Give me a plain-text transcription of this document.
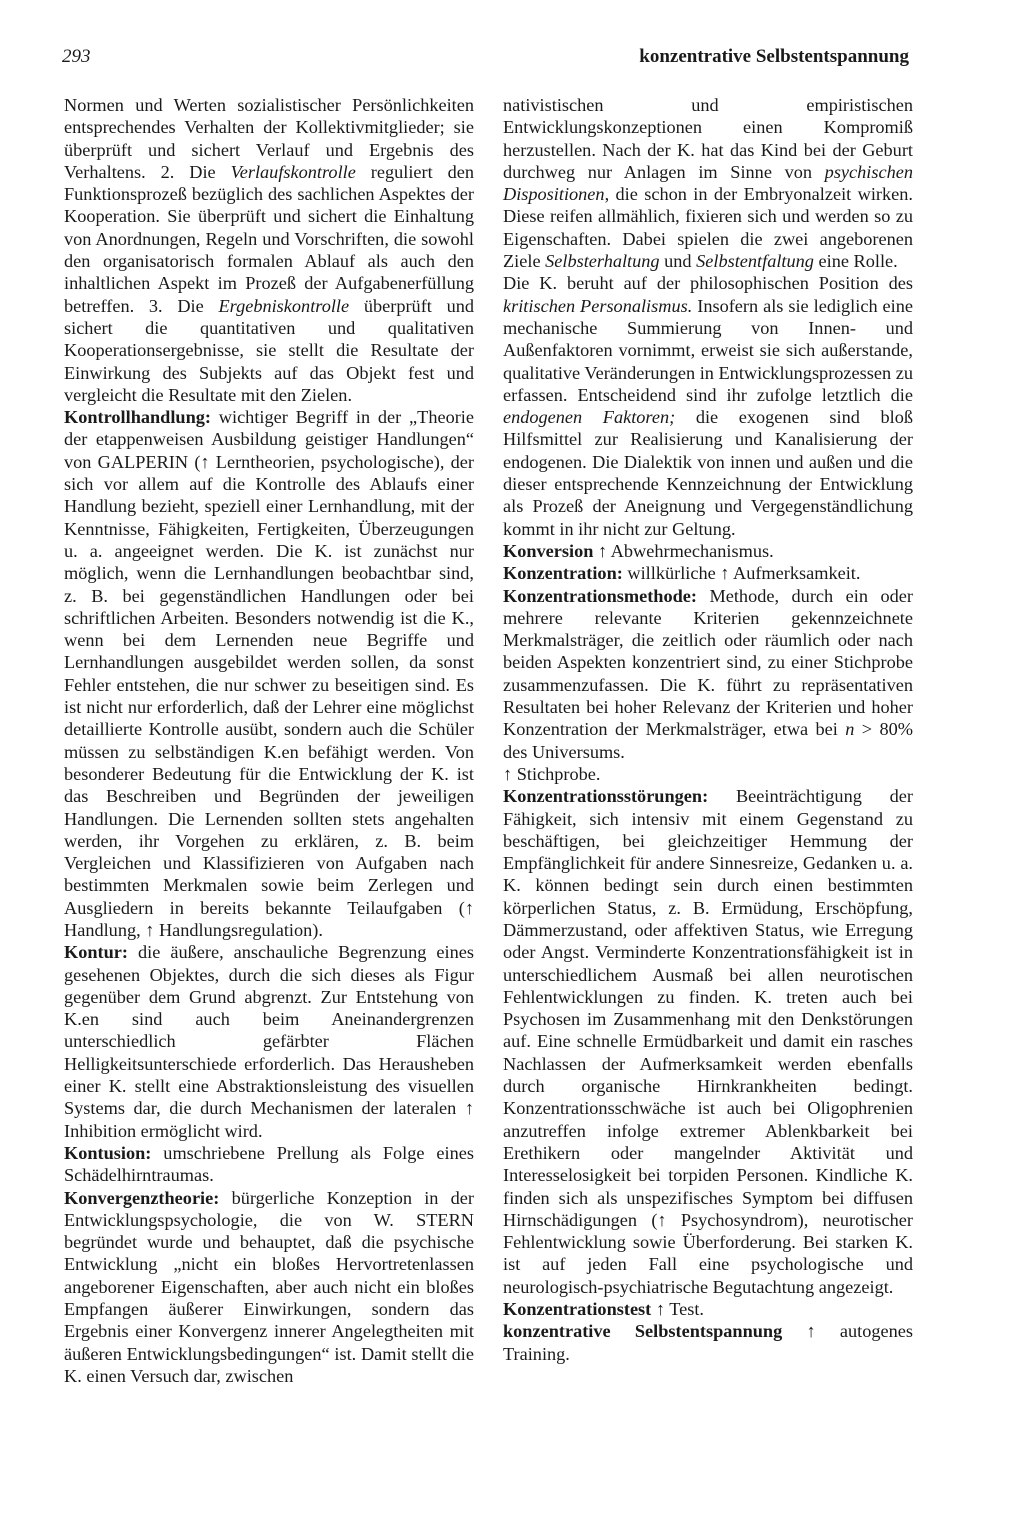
293	konzentrative Selbstentspannung

Normen und Werten sozialistischer Persönlichkeiten entsprechendes Verhalten der Kollektivmitglieder; sie überprüft und sichert Verlauf und Ergebnis des Verhaltens. 2. Die Verlaufskontrolle reguliert den Funktionsprozeß bezüglich des sachlichen Aspektes der Kooperation. Sie überprüft und sichert die Einhaltung von Anordnungen, Regeln und Vorschriften, die sowohl den organisatorisch formalen Ablauf als auch den inhaltlichen Aspekt im Prozeß der Aufgabenerfüllung betreffen. 3. Die Ergebniskontrolle überprüft und sichert die quantitativen und qualitativen Kooperationsergebnisse, sie stellt die Resultate der Einwirkung des Subjekts auf das Objekt fest und vergleicht die Resultate mit den Zielen.

Kontrollhandlung: wichtiger Begriff in der „Theorie der etappenweisen Ausbildung geistiger Handlungen“ von GALPERIN (↑ Lerntheorien, psychologische), der sich vor allem auf die Kontrolle des Ablaufs einer Handlung bezieht, speziell einer Lernhandlung, mit der Kenntnisse, Fähigkeiten, Fertigkeiten, Überzeugungen u. a. angeeignet werden. Die K. ist zunächst nur möglich, wenn die Lernhandlungen beobachtbar sind, z. B. bei gegenständlichen Handlungen oder bei schriftlichen Arbeiten. Besonders notwendig ist die K., wenn bei dem Lernenden neue Begriffe und Lernhandlungen ausgebildet werden sollen, da sonst Fehler entstehen, die nur schwer zu beseitigen sind. Es ist nicht nur erforderlich, daß der Lehrer eine möglichst detaillierte Kontrolle ausübt, sondern auch die Schüler müssen zu selbständigen K.en befähigt werden. Von besonderer Bedeutung für die Entwicklung der K. ist das Beschreiben und Begründen der jeweiligen Handlungen. Die Lernenden sollten stets angehalten werden, ihr Vorgehen zu erklären, z. B. beim Vergleichen und Klassifizieren von Aufgaben nach bestimmten Merkmalen sowie beim Zerlegen und Ausgliedern in bereits bekannte Teilaufgaben (↑ Handlung, ↑ Handlungsregulation).

Kontur: die äußere, anschauliche Begrenzung eines gesehenen Objektes, durch die sich dieses als Figur gegenüber dem Grund abgrenzt. Zur Entstehung von K.en sind auch beim Aneinandergrenzen unterschiedlich gefärbter Flächen Helligkeitsunterschiede erforderlich. Das Herausheben einer K. stellt eine Abstraktionsleistung des visuellen Systems dar, die durch Mechanismen der lateralen ↑ Inhibition ermöglicht wird.

Kontusion: umschriebene Prellung als Folge eines Schädelhirntraumas.

Konvergenztheorie: bürgerliche Konzeption in der Entwicklungspsychologie, die von W. STERN begründet wurde und behauptet, daß die psychische Entwicklung „nicht ein bloßes Hervortretenlassen angeborener Eigenschaften, aber auch nicht ein bloßes Empfangen äußerer Einwirkungen, sondern das Ergebnis einer Konvergenz innerer Angelegtheiten mit äußeren Entwicklungsbedingungen“ ist. Damit stellt die K. einen Versuch dar, zwischen

nativistischen und empiristischen Entwicklungskonzeptionen einen Kompromiß herzustellen. Nach der K. hat das Kind bei der Geburt durchweg nur Anlagen im Sinne von psychischen Dispositionen, die schon in der Embryonalzeit wirken. Diese reifen allmählich, fixieren sich und werden so zu Eigenschaften. Dabei spielen die zwei angeborenen Ziele Selbsterhaltung und Selbstentfaltung eine Rolle.

Die K. beruht auf der philosophischen Position des kritischen Personalismus. Insofern als sie lediglich eine mechanische Summierung von Innen- und Außenfaktoren vornimmt, erweist sie sich außerstande, qualitative Veränderungen in Entwicklungsprozessen zu erfassen. Entscheidend sind ihr zufolge letztlich die endogenen Faktoren; die exogenen sind bloß Hilfsmittel zur Realisierung und Kanalisierung der endogenen. Die Dialektik von innen und außen und die dieser entsprechende Kennzeichnung der Entwicklung als Prozeß der Aneignung und Vergegenständlichung kommt in ihr nicht zur Geltung.

Konversion ↑ Abwehrmechanismus.

Konzentration: willkürliche ↑ Aufmerksamkeit.

Konzentrationsmethode: Methode, durch ein oder mehrere relevante Kriterien gekennzeichnete Merkmalsträger, die zeitlich oder räumlich oder nach beiden Aspekten konzentriert sind, zu einer Stichprobe zusammenzufassen. Die K. führt zu repräsentativen Resultaten bei hoher Relevanz der Kriterien und hoher Konzentration der Merkmalsträger, etwa bei n > 80% des Universums.

↑ Stichprobe.

Konzentrationsstörungen: Beeinträchtigung der Fähigkeit, sich intensiv mit einem Gegenstand zu beschäftigen, bei gleichzeitiger Hemmung der Empfänglichkeit für andere Sinnesreize, Gedanken u. a. K. können bedingt sein durch einen bestimmten körperlichen Status, z. B. Ermüdung, Erschöpfung, Dämmerzustand, oder affektiven Status, wie Erregung oder Angst. Verminderte Konzentrationsfähigkeit ist in unterschiedlichem Ausmaß bei allen neurotischen Fehlentwicklungen zu finden. K. treten auch bei Psychosen im Zusammenhang mit den Denkstörungen auf. Eine schnelle Ermüdbarkeit und damit ein rasches Nachlassen der Aufmerksamkeit werden ebenfalls durch organische Hirnkrankheiten bedingt. Konzentrationsschwäche ist auch bei Oligophrenien anzutreffen infolge extremer Ablenkbarkeit bei Erethikern oder mangelnder Aktivität und Interesselosigkeit bei torpiden Personen. Kindliche K. finden sich als unspezifisches Symptom bei diffusen Hirnschädigungen (↑ Psychosyndrom), neurotischer Fehlentwicklung sowie Überforderung. Bei starken K. ist auf jeden Fall eine psychologische und neurologisch-psychiatrische Begutachtung angezeigt.

Konzentrationstest ↑ Test.

konzentrative Selbstentspannung ↑ autogenes Training.
